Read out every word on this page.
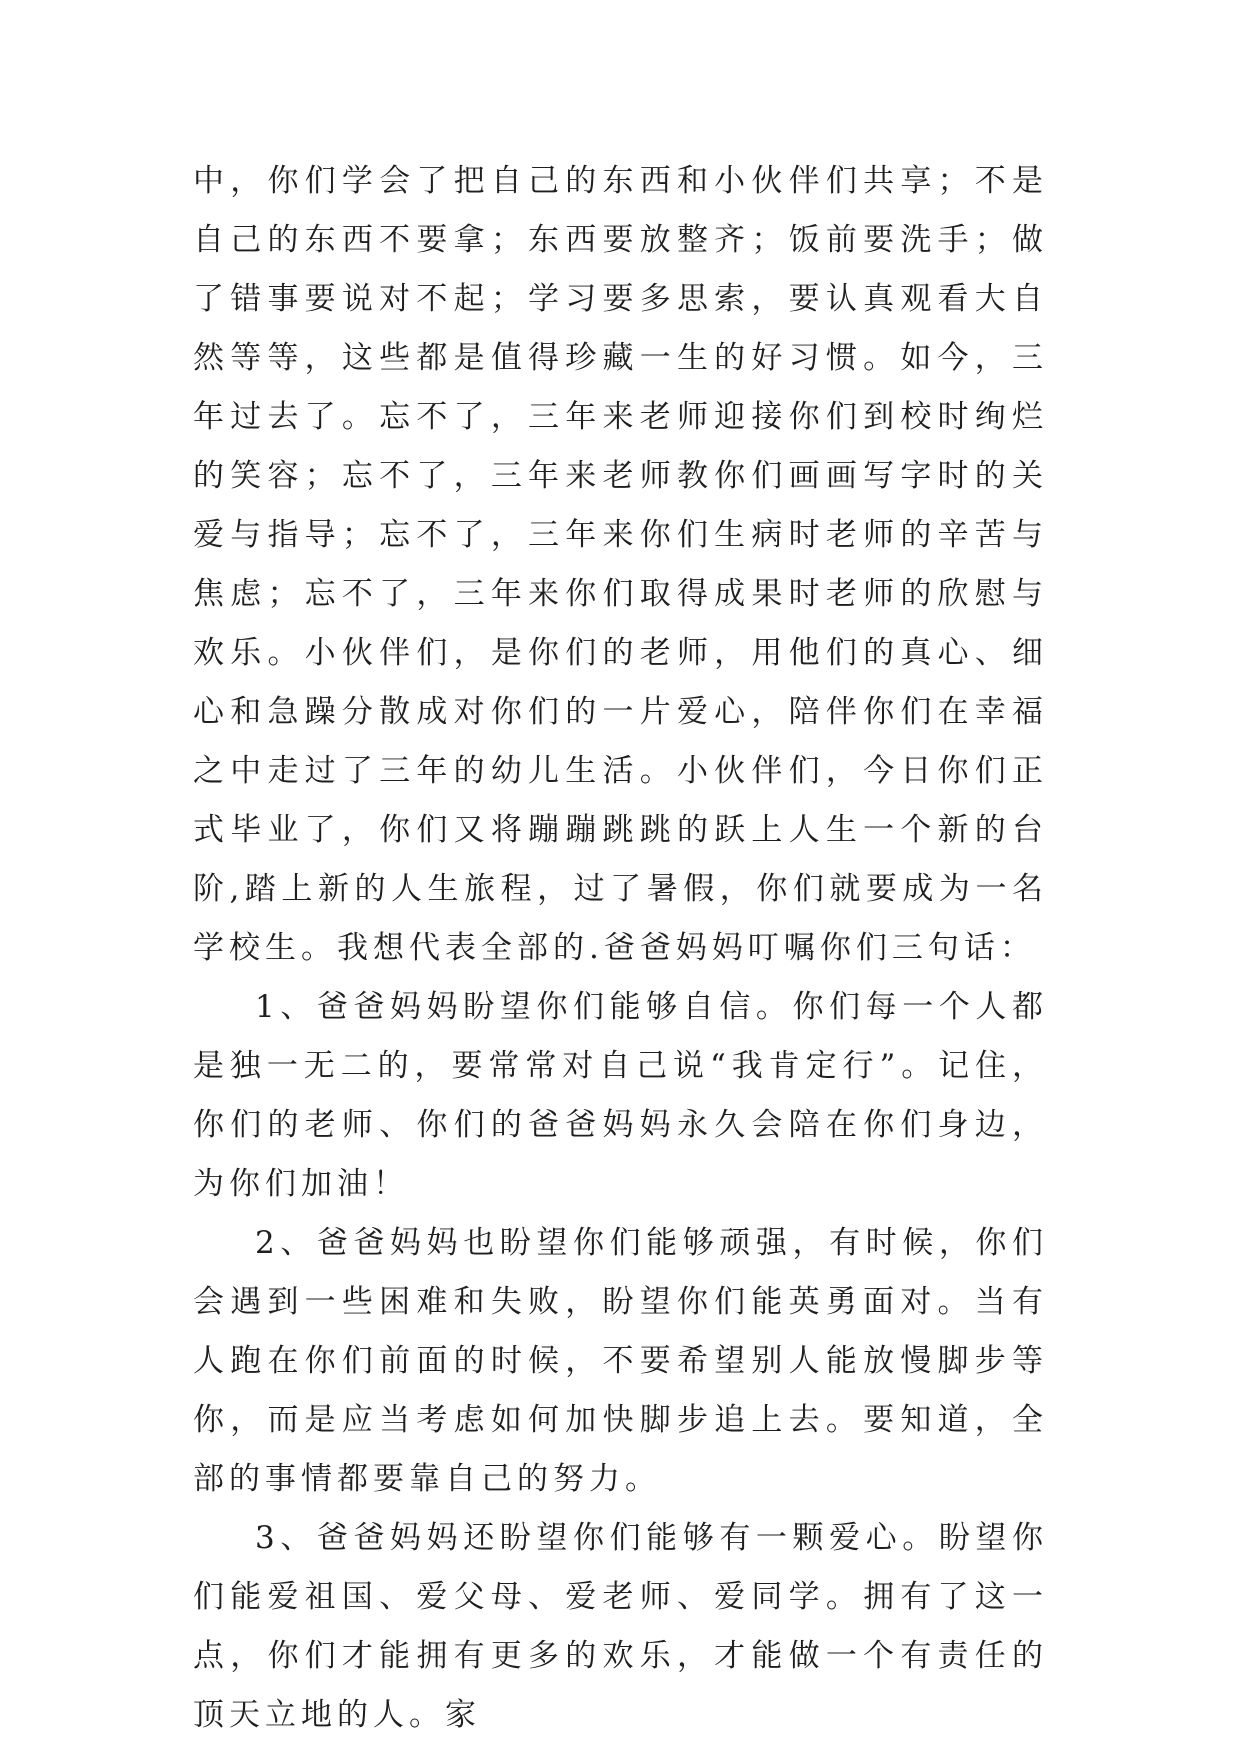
中，你们学会了把自己的东西和小伙伴们共享；不是自己的东西不要拿；东西要放整齐；饭前要洗手；做了错事要说对不起；学习要多思索，要认真观看大自然等等，这些都是值得珍藏一生的好习惯。如今，三年过去了。忘不了，三年来老师迎接你们到校时绚烂的笑容；忘不了，三年来老师教你们画画写字时的关爱与指导；忘不了，三年来你们生病时老师的辛苦与焦虑；忘不了，三年来你们取得成果时老师的欣慰与欢乐。小伙伴们，是你们的老师，用他们的真心、细心和急躁分散成对你们的一片爱心，陪伴你们在幸福之中走过了三年的幼儿生活。小伙伴们，今日你们正式毕业了，你们又将蹦蹦跳跳的跃上人生一个新的台阶,踏上新的人生旅程，过了暑假，你们就要成为一名学校生。我想代表全部的.爸爸妈妈叮嘱你们三句话：

1、爸爸妈妈盼望你们能够自信。你们每一个人都是独一无二的，要常常对自己说“我肯定行”。记住，你们的老师、你们的爸爸妈妈永久会陪在你们身边，为你们加油！

2、爸爸妈妈也盼望你们能够顽强，有时候，你们会遇到一些困难和失败，盼望你们能英勇面对。当有人跑在你们前面的时候，不要希望别人能放慢脚步等你，而是应当考虑如何加快脚步追上去。要知道，全部的事情都要靠自己的努力。

3、爸爸妈妈还盼望你们能够有一颗爱心。盼望你们能爱祖国、爱父母、爱老师、爱同学。拥有了这一点，你们才能拥有更多的欢乐，才能做一个有责任的顶天立地的人。家
